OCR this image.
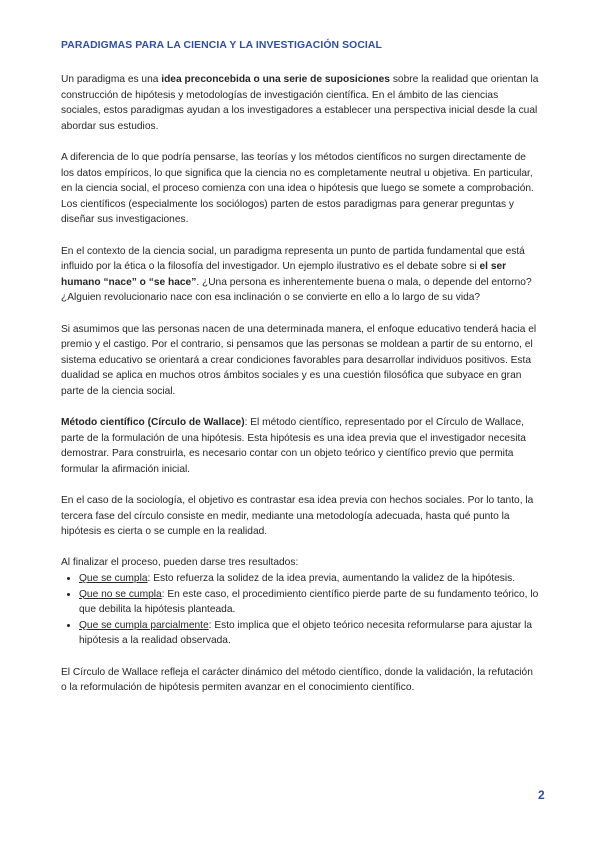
PARADIGMAS PARA LA CIENCIA Y LA INVESTIGACIÓN SOCIAL

Un paradigma es una idea preconcebida o una serie de suposiciones sobre la realidad que orientan la construcción de hipótesis y metodologías de investigación científica. En el ámbito de las ciencias sociales, estos paradigmas ayudan a los investigadores a establecer una perspectiva inicial desde la cual abordar sus estudios.

A diferencia de lo que podría pensarse, las teorías y los métodos científicos no surgen directamente de los datos empíricos, lo que significa que la ciencia no es completamente neutral u objetiva. En particular, en la ciencia social, el proceso comienza con una idea o hipótesis que luego se somete a comprobación. Los científicos (especialmente los sociólogos) parten de estos paradigmas para generar preguntas y diseñar sus investigaciones.

En el contexto de la ciencia social, un paradigma representa un punto de partida fundamental que está influido por la ética o la filosofía del investigador. Un ejemplo ilustrativo es el debate sobre si el ser humano “nace” o “se hace”. ¿Una persona es inherentemente buena o mala, o depende del entorno? ¿Alguien revolucionario nace con esa inclinación o se convierte en ello a lo largo de su vida?

Si asumimos que las personas nacen de una determinada manera, el enfoque educativo tenderá hacia el premio y el castigo. Por el contrario, si pensamos que las personas se moldean a partir de su entorno, el sistema educativo se orientará a crear condiciones favorables para desarrollar individuos positivos. Esta dualidad se aplica en muchos otros ámbitos sociales y es una cuestión filosófica que subyace en gran parte de la ciencia social.

Método científico (Círculo de Wallace): El método científico, representado por el Círculo de Wallace, parte de la formulación de una hipótesis. Esta hipótesis es una idea previa que el investigador necesita demostrar. Para construirla, es necesario contar con un objeto teórico y científico previo que permita formular la afirmación inicial.

En el caso de la sociología, el objetivo es contrastar esa idea previa con hechos sociales. Por lo tanto, la tercera fase del círculo consiste en medir, mediante una metodología adecuada, hasta qué punto la hipótesis es cierta o se cumple en la realidad.

Al finalizar el proceso, pueden darse tres resultados:

• Que se cumpla: Esto refuerza la solidez de la idea previa, aumentando la validez de la hipótesis.
• Que no se cumpla: En este caso, el procedimiento científico pierde parte de su fundamento teórico, lo que debilita la hipótesis planteada.
• Que se cumpla parcialmente: Esto implica que el objeto teórico necesita reformularse para ajustar la hipótesis a la realidad observada.

El Círculo de Wallace refleja el carácter dinámico del método científico, donde la validación, la refutación o la reformulación de hipótesis permiten avanzar en el conocimiento científico.

2
